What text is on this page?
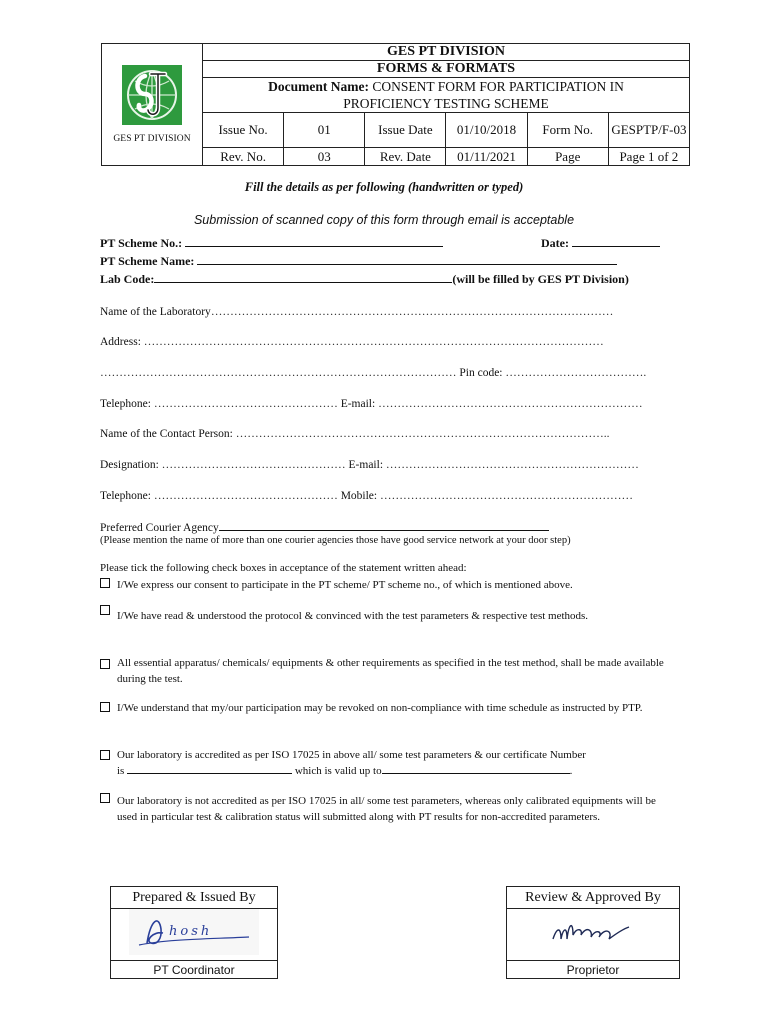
GES PT DIVISION	GES PT DIVISION					
	FORMS & FORMATS					
	Document Name: CONSENT FORM FOR PARTICIPATION IN
PROFICIENCY TESTING SCHEME					
	Issue No.	01	Issue Date	01/10/2018	Form No.	GESPTP/F-03
	Rev. No.	03	Rev. Date	01/11/2021	Page	Page 1 of 2
Fill the details as per following (handwritten or typed)
Submission of scanned copy of this form through email is acceptable
PT Scheme No.:	Date:
PT Scheme Name:
Lab Code:	(will be filled by GES PT Division)
Name of the Laboratory……………………………………………………………………………………………
Address: …………………………………………………………………………………………………………
………………………………………………………………………………… Pin code: ……………………………….
Telephone: ………………………………………… E-mail: ……………………………………………………………
Name of the Contact Person: ……………………………………………………………………………………..
Designation: ………………………………………… E-mail: …………………………………………………………
Telephone: ………………………………………… Mobile: …………………………………………………………
Preferred Courier Agency
(Please mention the name of more than one courier agencies those have good service network at your door step)
Please tick the following check boxes in acceptance of the statement written ahead:
I/We express our consent to participate in the PT scheme/ PT scheme no., of which is mentioned above.
I/We have read & understood the protocol & convinced with the test parameters & respective test methods.
All essential apparatus/ chemicals/ equipments & other requirements as specified in the test method, shall be made available during the test.
I/We understand that my/our participation may be revoked on non-compliance with time schedule as instructed by PTP.
Our laboratory is accredited as per ISO 17025 in above all/ some test parameters & our certificate Number
is	which is valid up to	.
Our laboratory is not accredited as per ISO 17025 in all/ some test parameters, whereas only calibrated equipments will be used in particular test & calibration status will submitted along with PT results for non-accredited parameters.
Prepared & Issued By		Review & Approved By

hosh

PT Coordinator		Proprietor
